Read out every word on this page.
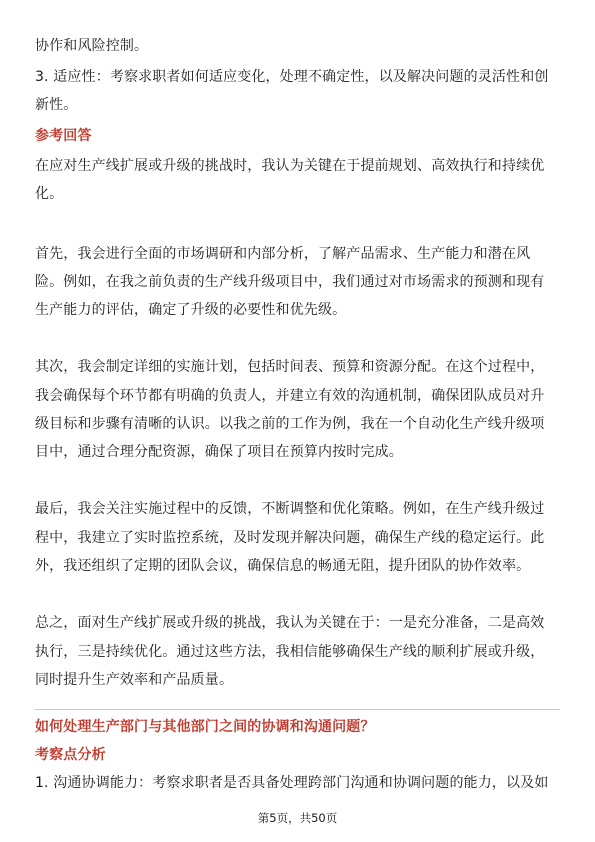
协作和风险控制。
3. 适应性：考察求职者如何适应变化，处理不确定性，以及解决问题的灵活性和创
新性。
参考回答
在应对生产线扩展或升级的挑战时，我认为关键在于提前规划、高效执行和持续优
化。
首先，我会进行全面的市场调研和内部分析，了解产品需求、生产能力和潜在风
险。例如，在我之前负责的生产线升级项目中，我们通过对市场需求的预测和现有
生产能力的评估，确定了升级的必要性和优先级。
其次，我会制定详细的实施计划，包括时间表、预算和资源分配。在这个过程中，
我会确保每个环节都有明确的负责人，并建立有效的沟通机制，确保团队成员对升
级目标和步骤有清晰的认识。以我之前的工作为例，我在一个自动化生产线升级项
目中，通过合理分配资源，确保了项目在预算内按时完成。
最后，我会关注实施过程中的反馈，不断调整和优化策略。例如，在生产线升级过
程中，我建立了实时监控系统，及时发现并解决问题，确保生产线的稳定运行。此
外，我还组织了定期的团队会议，确保信息的畅通无阻，提升团队的协作效率。
总之，面对生产线扩展或升级的挑战，我认为关键在于：一是充分准备，二是高效
执行，三是持续优化。通过这些方法，我相信能够确保生产线的顺利扩展或升级，
同时提升生产效率和产品质量。
如何处理生产部门与其他部门之间的协调和沟通问题？
考察点分析
1. 沟通协调能力：考察求职者是否具备处理跨部门沟通和协调问题的能力，以及如
第5页，共50页
